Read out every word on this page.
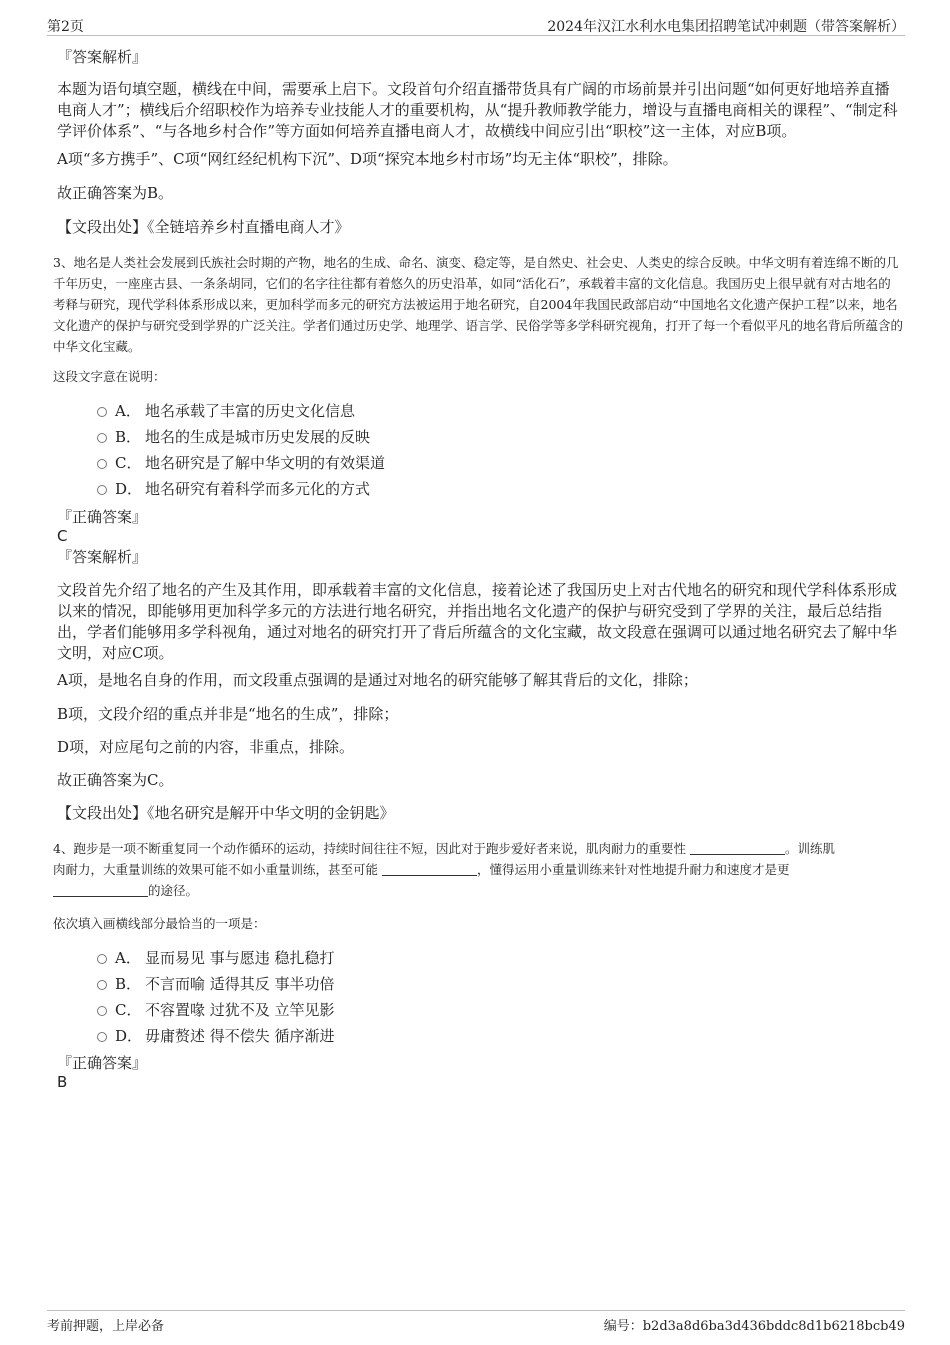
第2页	2024年汉江水利水电集团招聘笔试冲刺题（带答案解析）
『答案解析』

本题为语句填空题，横线在中间，需要承上启下。文段首句介绍直播带货具有广阔的市场前景并引出问题“如何更好地培养直播电商人才”；横线后介绍职校作为培养专业技能人才的重要机构，从“提升教师教学能力，增设与直播电商相关的课程”、“制定科学评价体系”、“与各地乡村合作”等方面如何培养直播电商人才，故横线中间应引出“职校”这一主体，对应B项。

A项“多方携手”、C项“网红经纪机构下沉”、D项“探究本地乡村市场”均无主体“职校”，排除。

故正确答案为B。

【文段出处】《全链培养乡村直播电商人才》

3、地名是人类社会发展到氏族社会时期的产物，地名的生成、命名、演变、稳定等，是自然史、社会史、人类史的综合反映。中华文明有着连绵不断的几千年历史，一座座古县、一条条胡同，它们的名字往往都有着悠久的历史沿革，如同“活化石”，承载着丰富的文化信息。我国历史上很早就有对古地名的考释与研究，现代学科体系形成以来，更加科学而多元的研究方法被运用于地名研究，自2004年我国民政部启动“中国地名文化遗产保护工程”以来，地名文化遗产的保护与研究受到学界的广泛关注。学者们通过历史学、地理学、语言学、民俗学等多学科研究视角，打开了每一个看似平凡的地名背后所蕴含的中华文化宝藏。

这段文字意在说明：

A． 地名承载了丰富的历史文化信息
B． 地名的生成是城市历史发展的反映
C． 地名研究是了解中华文明的有效渠道
D． 地名研究有着科学而多元化的方式
『正确答案』
C
『答案解析』

文段首先介绍了地名的产生及其作用，即承载着丰富的文化信息，接着论述了我国历史上对古代地名的研究和现代学科体系形成以来的情况，即能够用更加科学多元的方法进行地名研究，并指出地名文化遗产的保护与研究受到了学界的关注，最后总结指出，学者们能够用多学科视角，通过对地名的研究打开了背后所蕴含的文化宝藏，故文段意在强调可以通过地名研究去了解中华文明，对应C项。

A项，是地名自身的作用，而文段重点强调的是通过对地名的研究能够了解其背后的文化，排除；

B项，文段介绍的重点并非是“地名的生成”，排除；

D项，对应尾句之前的内容，非重点，排除。

故正确答案为C。

【文段出处】《地名研究是解开中华文明的金钥匙》

4、跑步是一项不断重复同一个动作循环的运动，持续时间往往不短，因此对于跑步爱好者来说，肌肉耐力的重要性	。训练肌
肉耐力，大重量训练的效果可能不如小重量训练，甚至可能	，懂得运用小重量训练来针对性地提升耐力和速度才是更
的途径。

依次填入画横线部分最恰当的一项是：

A． 显而易见 事与愿违 稳扎稳打
B． 不言而喻 适得其反 事半功倍
C． 不容置喙 过犹不及 立竿见影
D． 毋庸赘述 得不偿失 循序渐进
『正确答案』
B
考前押题，上岸必备	编号：b2d3a8d6ba3d436bddc8d1b6218bcb49
